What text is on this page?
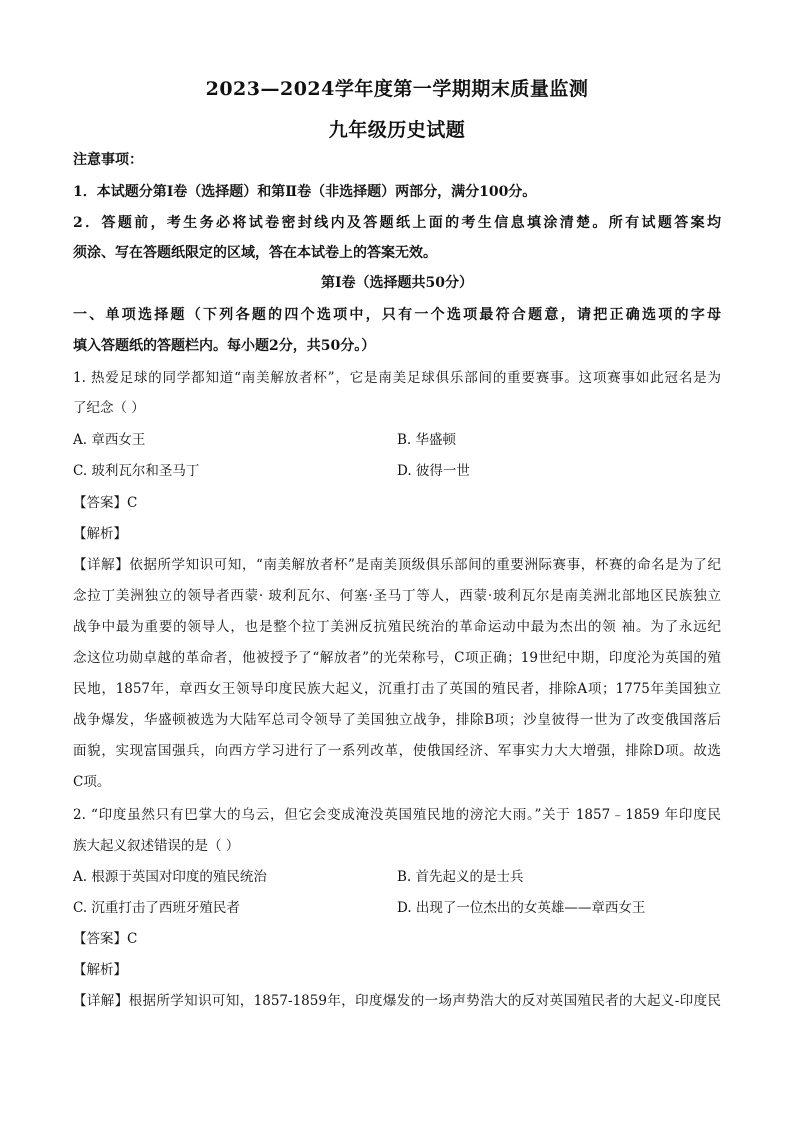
2023—2024学年度第一学期期末质量监测
九年级历史试题
注意事项：
1．本试题分第Ⅰ卷（选择题）和第Ⅱ卷（非选择题）两部分，满分100分。
2．答题前，考生务必将试卷密封线内及答题纸上面的考生信息填涂清楚。所有试题答案均
须涂、写在答题纸限定的区域，答在本试卷上的答案无效。
第Ⅰ卷（选择题共50分）
一、单项选择题（下列各题的四个选项中，只有一个选项最符合题意，请把正确选项的字母
填入答题纸的答题栏内。每小题2分，共50分。）
1. 热爱足球的同学都知道“南美解放者杯”，它是南美足球俱乐部间的重要赛事。这项赛事如此冠名是为
了纪念（ ）
A. 章西女王	B. 华盛顿
C. 玻利瓦尔和圣马丁	D. 彼得一世
【答案】C
【解析】
【详解】依据所学知识可知，“南美解放者杯”是南美顶级俱乐部间的重要洲际赛事，杯赛的命名是为了纪
念拉丁美洲独立的领导者西蒙· 玻利瓦尔、何塞·圣马丁等人，西蒙·玻利瓦尔是南美洲北部地区民族独立
战争中最为重要的领导人，也是整个拉丁美洲反抗殖民统治的革命运动中最为杰出的领 袖。为了永远纪
念这位功勋卓越的革命者，他被授予了“解放者”的光荣称号，C项正确；19世纪中期，印度沦为英国的殖
民地，1857年，章西女王领导印度民族大起义，沉重打击了英国的殖民者，排除A项；1775年美国独立
战争爆发，华盛顿被选为大陆军总司令领导了美国独立战争，排除B项；沙皇彼得一世为了改变俄国落后
面貌，实现富国强兵，向西方学习进行了一系列改革，使俄国经济、军事实力大大增强，排除D项。故选
C项。
2. “印度虽然只有巴掌大的乌云，但它会变成淹没英国殖民地的滂沱大雨。”关于 1857﹣1859 年印度民
族大起义叙述错误的是（ ）
A. 根源于英国对印度的殖民统治	B. 首先起义的是士兵
C. 沉重打击了西班牙殖民者	D. 出现了一位杰出的女英雄——章西女王
【答案】C
【解析】
【详解】根据所学知识可知，1857-1859年，印度爆发的一场声势浩大的反对英国殖民者的大起义-印度民
